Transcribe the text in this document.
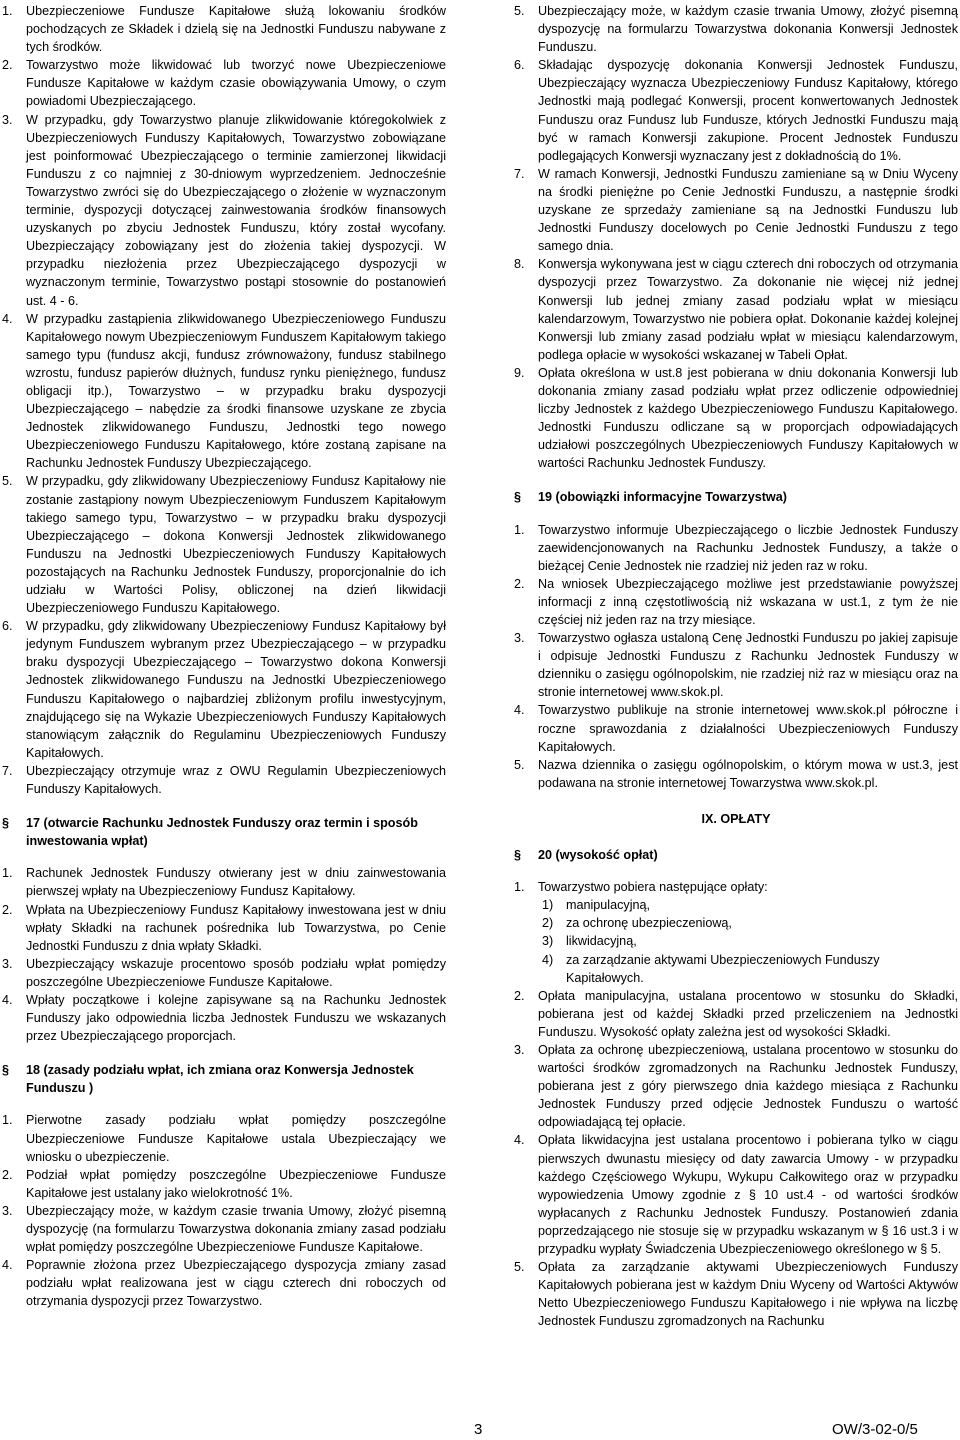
1.	Ubezpieczeniowe Fundusze Kapitałowe służą lokowaniu środków pochodzących ze Składek i dzielą się na Jednostki Funduszu nabywane z tych środków.
2.	Towarzystwo może likwidować lub tworzyć nowe Ubezpieczeniowe Fundusze Kapitałowe w każdym czasie obowiązywania Umowy, o czym powiadomi Ubezpieczającego.
3.	W przypadku, gdy Towarzystwo planuje zlikwidowanie któregokolwiek z Ubezpieczeniowych Funduszy Kapitałowych, Towarzystwo zobowiązane jest poinformować Ubezpieczającego o terminie zamierzonej likwidacji Funduszu z co najmniej z 30-dniowym wyprzedzeniem. Jednocześnie Towarzystwo zwróci się do Ubezpieczającego o złożenie w wyznaczonym terminie, dyspozycji dotyczącej zainwestowania środków finansowych uzyskanych po zbyciu Jednostek Funduszu, który został wycofany. Ubezpieczający zobowiązany jest do złożenia takiej dyspozycji. W przypadku niezłożenia przez Ubezpieczającego dyspozycji w wyznaczonym terminie, Towarzystwo postąpi stosownie do postanowień ust. 4 - 6.
4.	W przypadku zastąpienia zlikwidowanego Ubezpieczeniowego Funduszu Kapitałowego nowym Ubezpieczeniowym Funduszem Kapitałowym takiego samego typu (fundusz akcji, fundusz zrównoważony, fundusz stabilnego wzrostu, fundusz papierów dłużnych, fundusz rynku pieniężnego, fundusz obligacji itp.), Towarzystwo – w przypadku braku dyspozycji Ubezpieczającego – nabędzie za środki finansowe uzyskane ze zbycia Jednostek zlikwidowanego Funduszu, Jednostki tego nowego Ubezpieczeniowego Funduszu Kapitałowego, które zostaną zapisane na Rachunku Jednostek Funduszy Ubezpieczającego.
5.	W przypadku, gdy zlikwidowany Ubezpieczeniowy Fundusz Kapitałowy nie zostanie zastąpiony nowym Ubezpieczeniowym Funduszem Kapitałowym takiego samego typu, Towarzystwo – w przypadku braku dyspozycji Ubezpieczającego – dokona Konwersji Jednostek zlikwidowanego Funduszu na Jednostki Ubezpieczeniowych Funduszy Kapitałowych pozostających na Rachunku Jednostek Funduszy, proporcjonalnie do ich udziału w Wartości Polisy, obliczonej na dzień likwidacji Ubezpieczeniowego Funduszu Kapitałowego.
6.	W przypadku, gdy zlikwidowany Ubezpieczeniowy Fundusz Kapitałowy był jedynym Funduszem wybranym przez Ubezpieczającego – w przypadku braku dyspozycji Ubezpieczającego – Towarzystwo dokona Konwersji Jednostek zlikwidowanego Funduszu na Jednostki Ubezpieczeniowego Funduszu Kapitałowego o najbardziej zbliżonym profilu inwestycyjnym, znajdującego się na Wykazie Ubezpieczeniowych Funduszy Kapitałowych stanowiącym załącznik do Regulaminu Ubezpieczeniowych Funduszy Kapitałowych.
7.	Ubezpieczający otrzymuje wraz z OWU Regulamin Ubezpieczeniowych Funduszy Kapitałowych.
§	17 (otwarcie Rachunku Jednostek Funduszy oraz termin i sposób inwestowania wpłat)
1.	Rachunek Jednostek Funduszy otwierany jest w dniu zainwestowania pierwszej wpłaty na Ubezpieczeniowy Fundusz Kapitałowy.
2.	Wpłata na Ubezpieczeniowy Fundusz Kapitałowy inwestowana jest w dniu wpłaty Składki na rachunek pośrednika lub Towarzystwa, po Cenie Jednostki Funduszu z dnia wpłaty Składki.
3.	Ubezpieczający wskazuje procentowo sposób podziału wpłat pomiędzy poszczególne Ubezpieczeniowe Fundusze Kapitałowe.
4.	Wpłaty początkowe i kolejne zapisywane są na Rachunku Jednostek Funduszy jako odpowiednia liczba Jednostek Funduszu we wskazanych przez Ubezpieczającego proporcjach.
§	18 (zasady podziału wpłat, ich zmiana oraz Konwersja Jednostek Funduszu )
1.	Pierwotne zasady podziału wpłat pomiędzy poszczególne Ubezpieczeniowe Fundusze Kapitałowe ustala Ubezpieczający we wniosku o ubezpieczenie.
2.	Podział wpłat pomiędzy poszczególne Ubezpieczeniowe Fundusze Kapitałowe jest ustalany jako wielokrotność 1%.
3.	Ubezpieczający może, w każdym czasie trwania Umowy, złożyć pisemną dyspozycję (na formularzu Towarzystwa dokonania zmiany zasad podziału wpłat pomiędzy poszczególne Ubezpieczeniowe Fundusze Kapitałowe.
4.	Poprawnie złożona przez Ubezpieczającego dyspozycja zmiany zasad podziału wpłat realizowana jest w ciągu czterech dni roboczych od otrzymania dyspozycji przez Towarzystwo.
5.	Ubezpieczający może, w każdym czasie trwania Umowy, złożyć pisemną dyspozycję na formularzu Towarzystwa dokonania Konwersji Jednostek Funduszu.
6.	Składając dyspozycję dokonania Konwersji Jednostek Funduszu, Ubezpieczający wyznacza Ubezpieczeniowy Fundusz Kapitałowy, którego Jednostki mają podlegać Konwersji, procent konwertowanych Jednostek Funduszu oraz Fundusz lub Fundusze, których Jednostki Funduszu mają być w ramach Konwersji zakupione. Procent Jednostek Funduszu podlegających Konwersji wyznaczany jest z dokładnością do 1%.
7.	W ramach Konwersji, Jednostki Funduszu zamieniane są w Dniu Wyceny na środki pieniężne po Cenie Jednostki Funduszu, a następnie środki uzyskane ze sprzedaży zamieniane są na Jednostki Funduszu lub Jednostki Funduszy docelowych po Cenie Jednostki Funduszu z tego samego dnia.
8.	Konwersja wykonywana jest w ciągu czterech dni roboczych od otrzymania dyspozycji przez Towarzystwo. Za dokonanie nie więcej niż jednej Konwersji lub jednej zmiany zasad podziału wpłat w miesiącu kalendarzowym, Towarzystwo nie pobiera opłat. Dokonanie każdej kolejnej Konwersji lub zmiany zasad podziału wpłat w miesiącu kalendarzowym, podlega opłacie w wysokości wskazanej w Tabeli Opłat.
9.	Opłata określona w ust.8 jest pobierana w dniu dokonania Konwersji lub dokonania zmiany zasad podziału wpłat przez odliczenie odpowiedniej liczby Jednostek z każdego Ubezpieczeniowego Funduszu Kapitałowego. Jednostki Funduszu odliczane są w proporcjach odpowiadających udziałowi poszczególnych Ubezpieczeniowych Funduszy Kapitałowych w wartości Rachunku Jednostek Funduszy.
§	19 (obowiązki informacyjne Towarzystwa)
1.	Towarzystwo informuje Ubezpieczającego o liczbie Jednostek Funduszy zaewidencjonowanych na Rachunku Jednostek Funduszy, a także o bieżącej Cenie Jednostek nie rzadziej niż jeden raz w roku.
2.	Na wniosek Ubezpieczającego możliwe jest przedstawianie powyższej informacji z inną częstotliwością niż wskazana w ust.1, z tym że nie częściej niż jeden raz na trzy miesiące.
3.	Towarzystwo ogłasza ustaloną Cenę Jednostki Funduszu po jakiej zapisuje i odpisuje Jednostki Funduszu z Rachunku Jednostek Funduszy w dzienniku o zasięgu ogólnopolskim, nie rzadziej niż raz w miesiącu oraz na stronie internetowej www.skok.pl.
4.	Towarzystwo publikuje na stronie internetowej www.skok.pl półroczne i roczne sprawozdania z działalności Ubezpieczeniowych Funduszy Kapitałowych.
5.	Nazwa dziennika o zasięgu ogólnopolskim, o którym mowa w ust.3, jest podawana na stronie internetowej Towarzystwa www.skok.pl.
IX. OPŁATY
§	20 (wysokość opłat)
1.	Towarzystwo pobiera następujące opłaty:
1)	manipulacyjną,
2)	za ochronę ubezpieczeniową,
3)	likwidacyjną,
4)	za zarządzanie aktywami Ubezpieczeniowych Funduszy Kapitałowych.
2.	Opłata manipulacyjna, ustalana procentowo w stosunku do Składki, pobierana jest od każdej Składki przed przeliczeniem na Jednostki Funduszu. Wysokość opłaty zależna jest od wysokości Składki.
3.	Opłata za ochronę ubezpieczeniową, ustalana procentowo w stosunku do wartości środków zgromadzonych na Rachunku Jednostek Funduszy, pobierana jest z góry pierwszego dnia każdego miesiąca z Rachunku Jednostek Funduszy przed odjęcie Jednostek Funduszu o wartość odpowiadającą tej opłacie.
4.	Opłata likwidacyjna jest ustalana procentowo i pobierana tylko w ciągu pierwszych dwunastu miesięcy od daty zawarcia Umowy - w przypadku każdego Częściowego Wykupu, Wykupu Całkowitego oraz w przypadku wypowiedzenia Umowy zgodnie z § 10 ust.4 - od wartości środków wypłacanych z Rachunku Jednostek Funduszy. Postanowień zdania poprzedzającego nie stosuje się w przypadku wskazanym w § 16 ust.3 i w przypadku wypłaty Świadczenia Ubezpieczeniowego określonego w § 5.
5.	Opłata za zarządzanie aktywami Ubezpieczeniowych Funduszy Kapitałowych pobierana jest w każdym Dniu Wyceny od Wartości Aktywów Netto Ubezpieczeniowego Funduszu Kapitałowego i nie wpływa na liczbę Jednostek Funduszu zgromadzonych na Rachunku
3	OW/3-02-0/5
